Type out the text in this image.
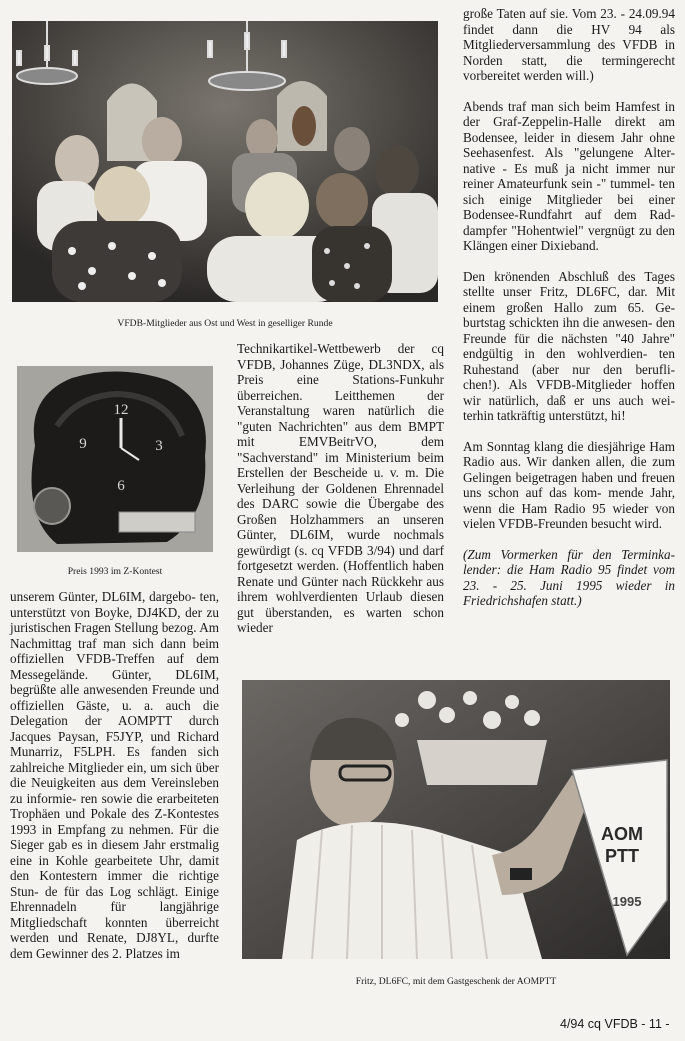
VFDB-Mitglieder aus Ost und West in geselliger Runde
12
9	3
6
Preis 1993 im Z-Kontest
unserem Günter, DL6IM, dargebo- ten, unterstützt von Boyke, DJ4KD, der zu juristischen Fragen Stellung bezog. Am Nachmittag traf man sich dann beim offiziellen VFDB-Treffen auf dem Messegelände. Günter, DL6IM, begrüßte alle anwesenden Freunde und offiziellen Gäste, u. a. auch die Delegation der AOMPTT durch Jacques Paysan, F5JYP, und Richard Munarriz, F5LPH. Es fanden sich zahlreiche Mitglieder ein, um sich über die Neuigkeiten aus dem Vereinsleben zu informie- ren sowie die erarbeiteten Trophäen und Pokale des Z-Kontestes 1993 in Empfang zu nehmen. Für die Sieger gab es in diesem Jahr erstmalig eine in Kohle gearbeitete Uhr, damit den Kontestern immer die richtige Stun- de für das Log schlägt. Einige Ehrennadeln für langjährige Mitgliedschaft konnten überreicht werden und Renate, DJ8YL, durfte dem Gewinner des 2. Platzes im
Technikartikel-Wettbewerb der cq VFDB, Johannes Züge, DL3NDX, als Preis eine Stations-Funkuhr überreichen. Leitthemen der Veranstaltung waren natürlich die "guten Nachrichten" aus dem BMPT mit EMVBeitrVO, dem "Sachverstand" im Ministerium beim Erstellen der Bescheide u. v. m. Die Verleihung der Goldenen Ehrennadel des DARC sowie die Übergabe des Großen Holzhammers an unseren Günter, DL6IM, wurde nochmals gewürdigt (s. cq VFDB 3/94) und darf fortgesetzt werden. (Hoffentlich haben Renate und Günter nach Rückkehr aus ihrem wohlverdienten Urlaub diesen gut überstanden, es warten schon wieder

große Taten auf sie. Vom 23. - 24.09.94 findet dann die HV 94 als Mitgliederversammlung des VFDB in Norden statt, die termingerecht vorbereitet werden will.)

Abends traf man sich beim Hamfest in der Graf-Zeppelin-Halle direkt am Bodensee, leider in diesem Jahr ohne Seehasenfest. Als "gelungene Alter- native - Es muß ja nicht immer nur reiner Amateurfunk sein -" tummel- ten sich einige Mitglieder bei einer Bodensee-Rundfahrt auf dem Rad- dampfer "Hohentwiel" vergnügt zu den Klängen einer Dixieband.

Den krönenden Abschluß des Tages stellte unser Fritz, DL6FC, dar. Mit einem großen Hallo zum 65. Ge- burtstag schickten ihn die anwesen- den Freunde für die nächsten "40 Jahre" endgültig in den wohlverdien- ten Ruhestand (aber nur den berufli- chen!). Als VFDB-Mitglieder hoffen wir natürlich, daß er uns auch wei- terhin tatkräftig unterstützt, hi!

Am Sonntag klang die diesjährige Ham Radio aus. Wir danken allen, die zum Gelingen beigetragen haben und freuen uns schon auf das kom- mende Jahr, wenn die Ham Radio 95 wieder von vielen VFDB-Freunden besucht wird.

(Zum Vormerken für den Terminka- lender: die Ham Radio 95 findet vom 23. - 25. Juni 1995 wieder in Friedrichshafen statt.)

AOM
PTT
1995
Fritz, DL6FC, mit dem Gastgeschenk der AOMPTT
4/94 cq VFDB - 11 -
